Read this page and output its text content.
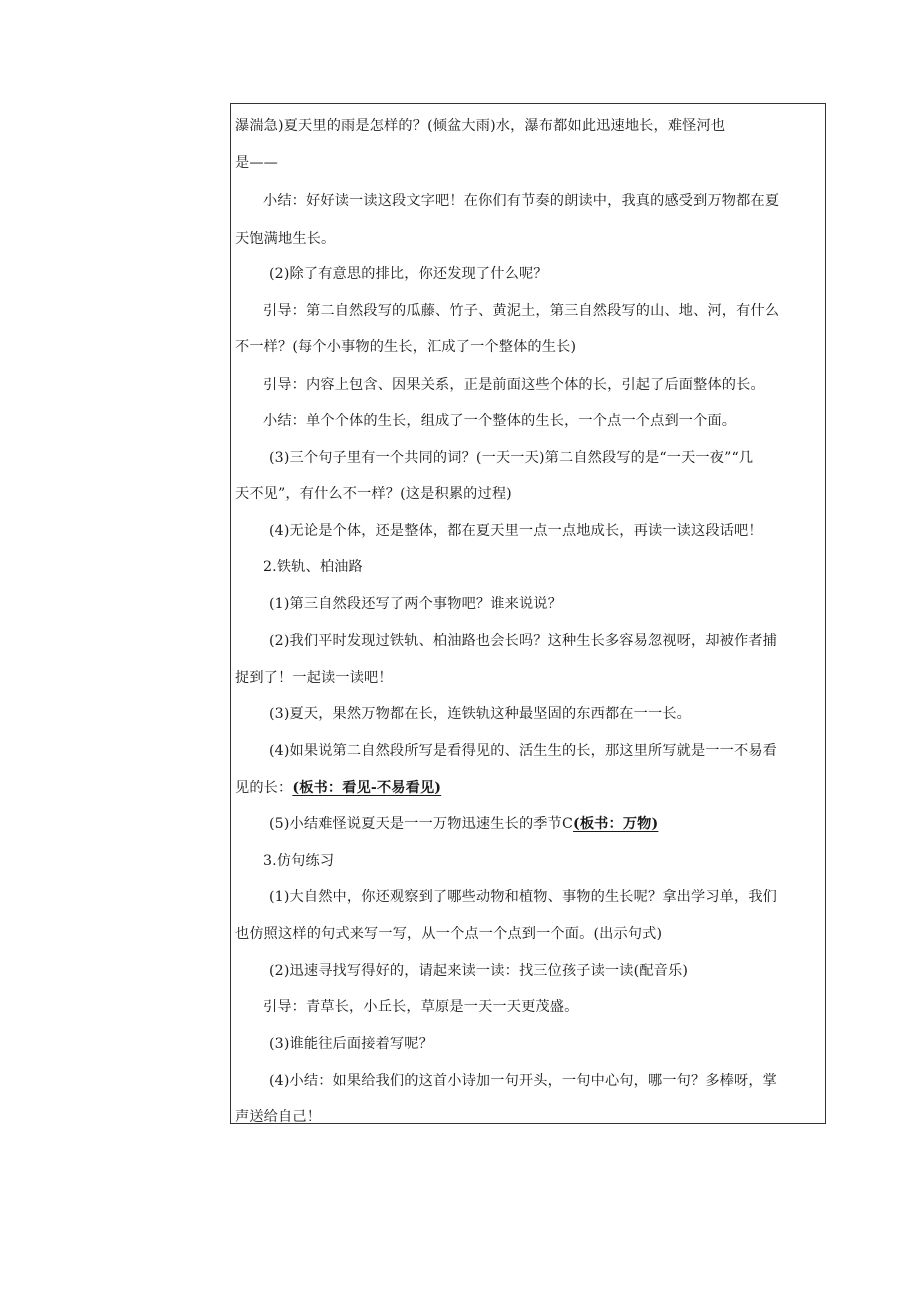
瀑湍急)夏天里的雨是怎样的？(倾盆大雨)水，瀑布都如此迅速地长，难怪河也
是——
小结：好好读一读这段文字吧！在你们有节奏的朗读中，我真的感受到万物都在夏
天饱满地生长。
(2)除了有意思的排比，你还发现了什么呢？
引导：第二自然段写的瓜藤、竹子、黄泥土，第三自然段写的山、地、河，有什么
不一样？(每个小事物的生长，汇成了一个整体的生长)
引导：内容上包含、因果关系，正是前面这些个体的长，引起了后面整体的长。
小结：单个个体的生长，组成了一个整体的生长，一个点一个点到一个面。
(3)三个句子里有一个共同的词？(一天一天)第二自然段写的是“一天一夜”“几
天不见”，有什么不一样？(这是积累的过程)
(4)无论是个体，还是整体，都在夏天里一点一点地成长，再读一读这段话吧！
2.铁轨、柏油路
(1)第三自然段还写了两个事物吧？谁来说说？
(2)我们平时发现过铁轨、柏油路也会长吗？这种生长多容易忽视呀，却被作者捕
捉到了！一起读一读吧！
(3)夏天，果然万物都在长，连铁轨这种最坚固的东西都在一一长。
(4)如果说第二自然段所写是看得见的、活生生的长，那这里所写就是一一不易看
见的长：(板书：看见-不易看见)
(5)小结难怪说夏天是一一万物迅速生长的季节C(板书：万物)
3.仿句练习
(1)大自然中，你还观察到了哪些动物和植物、事物的生长呢？拿出学习单，我们
也仿照这样的句式来写一写，从一个点一个点到一个面。(出示句式)
(2)迅速寻找写得好的，请起来读一读：找三位孩子读一读(配音乐)
引导：青草长，小丘长，草原是一天一天更茂盛。
(3)谁能往后面接着写呢？
(4)小结：如果给我们的这首小诗加一句开头，一句中心句，哪一句？多棒呀，掌
声送给自己！
